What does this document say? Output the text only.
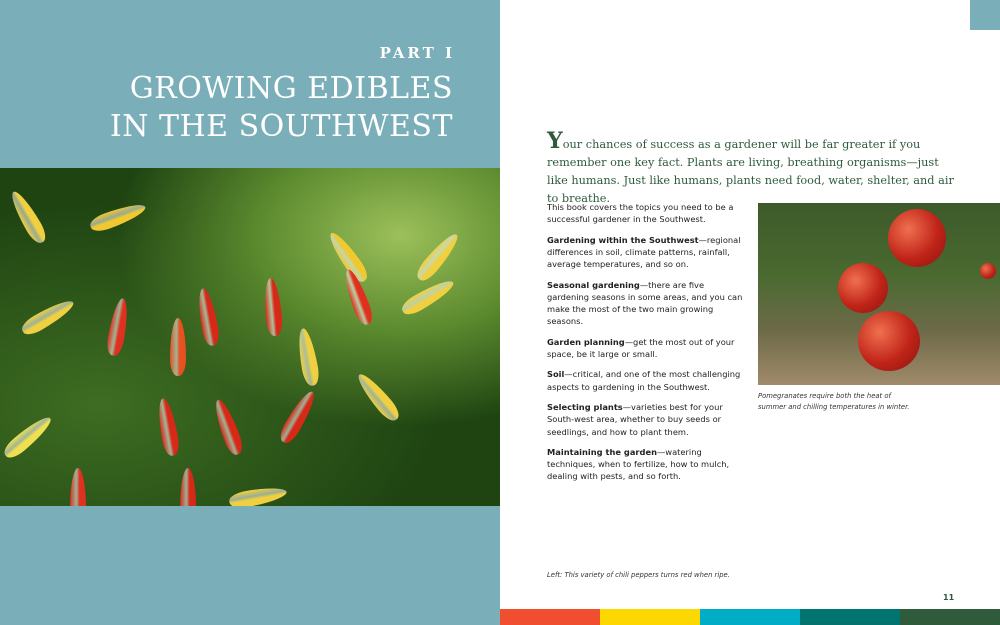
PART I
GROWING EDIBLES
IN THE SOUTHWEST	Your chances of success as a gardener will be far greater if you remember one key fact. Plants are living, breathing organisms—just like humans. Just like humans, plants need food, water, shelter, and air to breathe.

This book covers the topics you need to be a successful gardener in the Southwest.

Gardening within the Southwest—regional differences in soil, climate patterns, rainfall, average temperatures, and so on.

Seasonal gardening—there are five gardening seasons in some areas, and you can make the most of the two main growing seasons.

Garden planning—get the most out of your space, be it large or small.

Soil—critical, and one of the most challenging aspects to gardening in the Southwest.

Selecting plants—varieties best for your South-west area, whether to buy seeds or seedlings, and how to plant them.

Maintaining the garden—watering techniques, when to fertilize, how to mulch, dealing with pests, and so forth.

Pomegranates require both the heat of summer and chilling temperatures in winter.
Left: This variety of chili peppers turns red when ripe.
11
